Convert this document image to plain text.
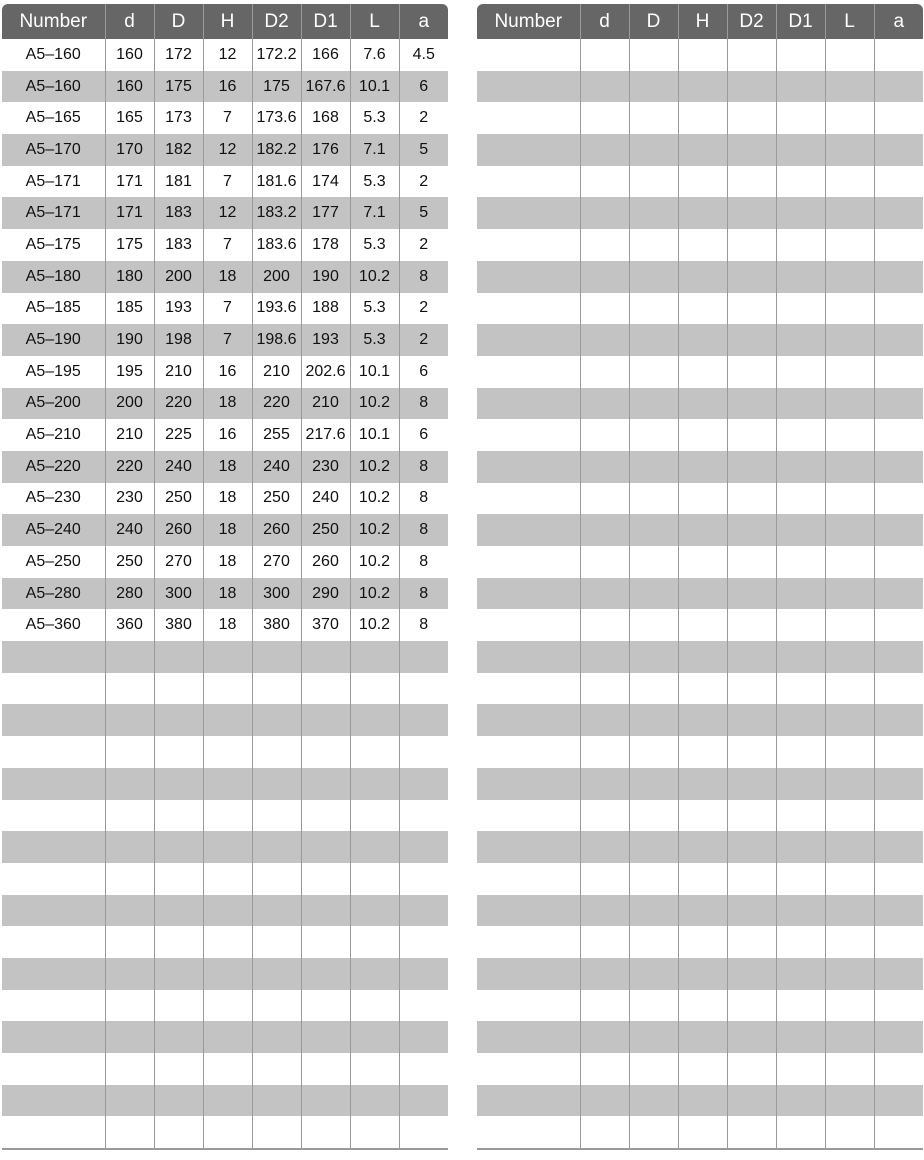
Number	d	D	H	D2	D1	L	a
A5–160	160	172	12	172.2	166	7.6	4.5
A5–160	160	175	16	175	167.6	10.1	6
A5–165	165	173	7	173.6	168	5.3	2
A5–170	170	182	12	182.2	176	7.1	5
A5–171	171	181	7	181.6	174	5.3	2
A5–171	171	183	12	183.2	177	7.1	5
A5–175	175	183	7	183.6	178	5.3	2
A5–180	180	200	18	200	190	10.2	8
A5–185	185	193	7	193.6	188	5.3	2
A5–190	190	198	7	198.6	193	5.3	2
A5–195	195	210	16	210	202.6	10.1	6
A5–200	200	220	18	220	210	10.2	8
A5–210	210	225	16	255	217.6	10.1	6
A5–220	220	240	18	240	230	10.2	8
A5–230	230	250	18	250	240	10.2	8
A5–240	240	260	18	260	250	10.2	8
A5–250	250	270	18	270	260	10.2	8
A5–280	280	300	18	300	290	10.2	8
A5–360	360	380	18	380	370	10.2	8

Number	d	D	H	D2	D1	L	a
